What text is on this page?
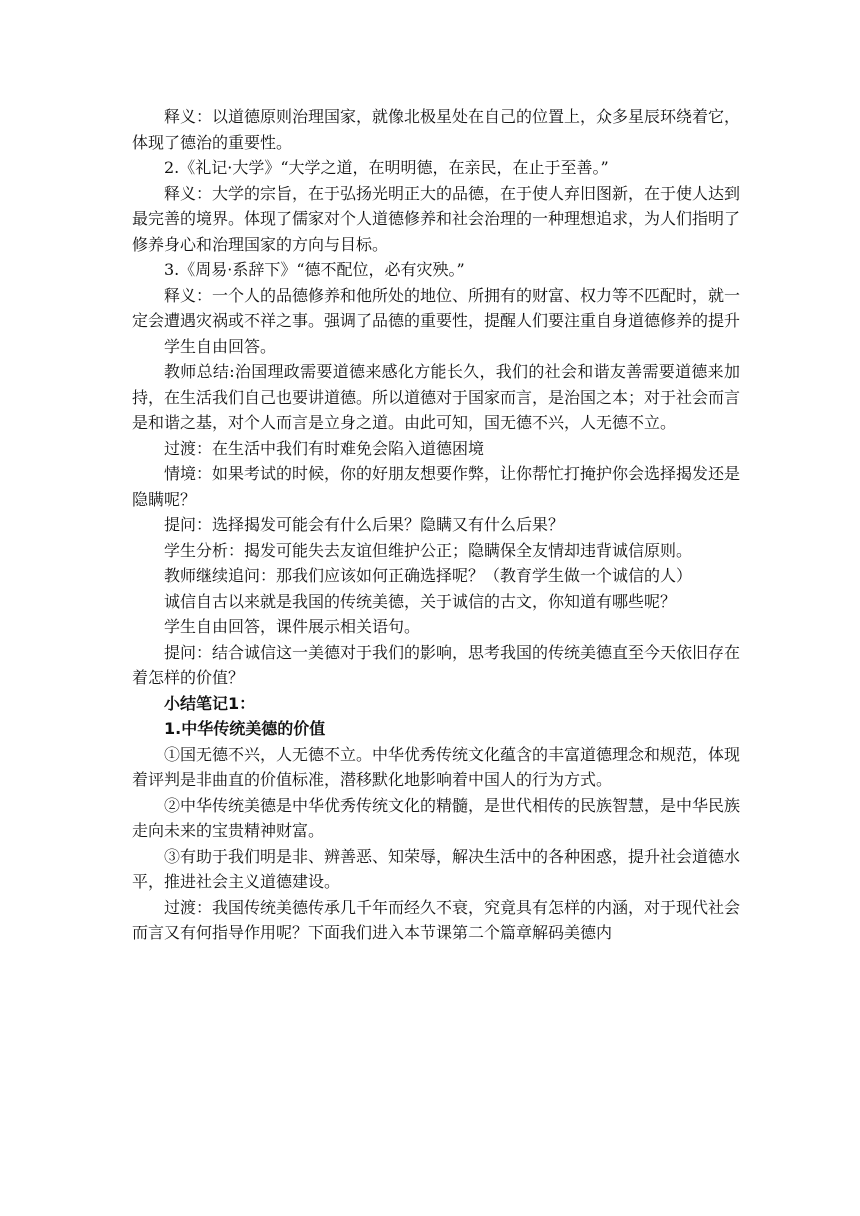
释义：以道德原则治理国家，就像北极星处在自己的位置上，众多星辰环绕着它，体现了德治的重要性。

2.《礼记·大学》“大学之道，在明明德，在亲民，在止于至善。”

释义：大学的宗旨，在于弘扬光明正大的品德，在于使人弃旧图新，在于使人达到最完善的境界。体现了儒家对个人道德修养和社会治理的一种理想追求，为人们指明了修养身心和治理国家的方向与目标。

3.《周易·系辞下》“德不配位，必有灾殃。”

释义：一个人的品德修养和他所处的地位、所拥有的财富、权力等不匹配时，就一定会遭遇灾祸或不祥之事。强调了品德的重要性，提醒人们要注重自身道德修养的提升

学生自由回答。

教师总结:治国理政需要道德来感化方能长久，我们的社会和谐友善需要道德来加持，在生活我们自己也要讲道德。所以道德对于国家而言，是治国之本；对于社会而言是和谐之基，对个人而言是立身之道。由此可知，国无德不兴，人无德不立。

过渡：在生活中我们有时难免会陷入道德困境

情境：如果考试的时候，你的好朋友想要作弊，让你帮忙打掩护你会选择揭发还是隐瞒呢？

提问：选择揭发可能会有什么后果？隐瞒又有什么后果？

学生分析：揭发可能失去友谊但维护公正；隐瞒保全友情却违背诚信原则。

教师继续追问：那我们应该如何正确选择呢？（教育学生做一个诚信的人）

诚信自古以来就是我国的传统美德，关于诚信的古文，你知道有哪些呢？

学生自由回答，课件展示相关语句。

提问：结合诚信这一美德对于我们的影响，思考我国的传统美德直至今天依旧存在着怎样的价值？

小结笔记1：

1.中华传统美德的价值

①国无德不兴，人无德不立。中华优秀传统文化蕴含的丰富道德理念和规范，体现着评判是非曲直的价值标准，潜移默化地影响着中国人的行为方式。

②中华传统美德是中华优秀传统文化的精髓，是世代相传的民族智慧，是中华民族走向未来的宝贵精神财富。

③有助于我们明是非、辨善恶、知荣辱，解决生活中的各种困惑，提升社会道德水平，推进社会主义道德建设。

过渡：我国传统美德传承几千年而经久不衰，究竟具有怎样的内涵，对于现代社会而言又有何指导作用呢？下面我们进入本节课第二个篇章解码美德内
